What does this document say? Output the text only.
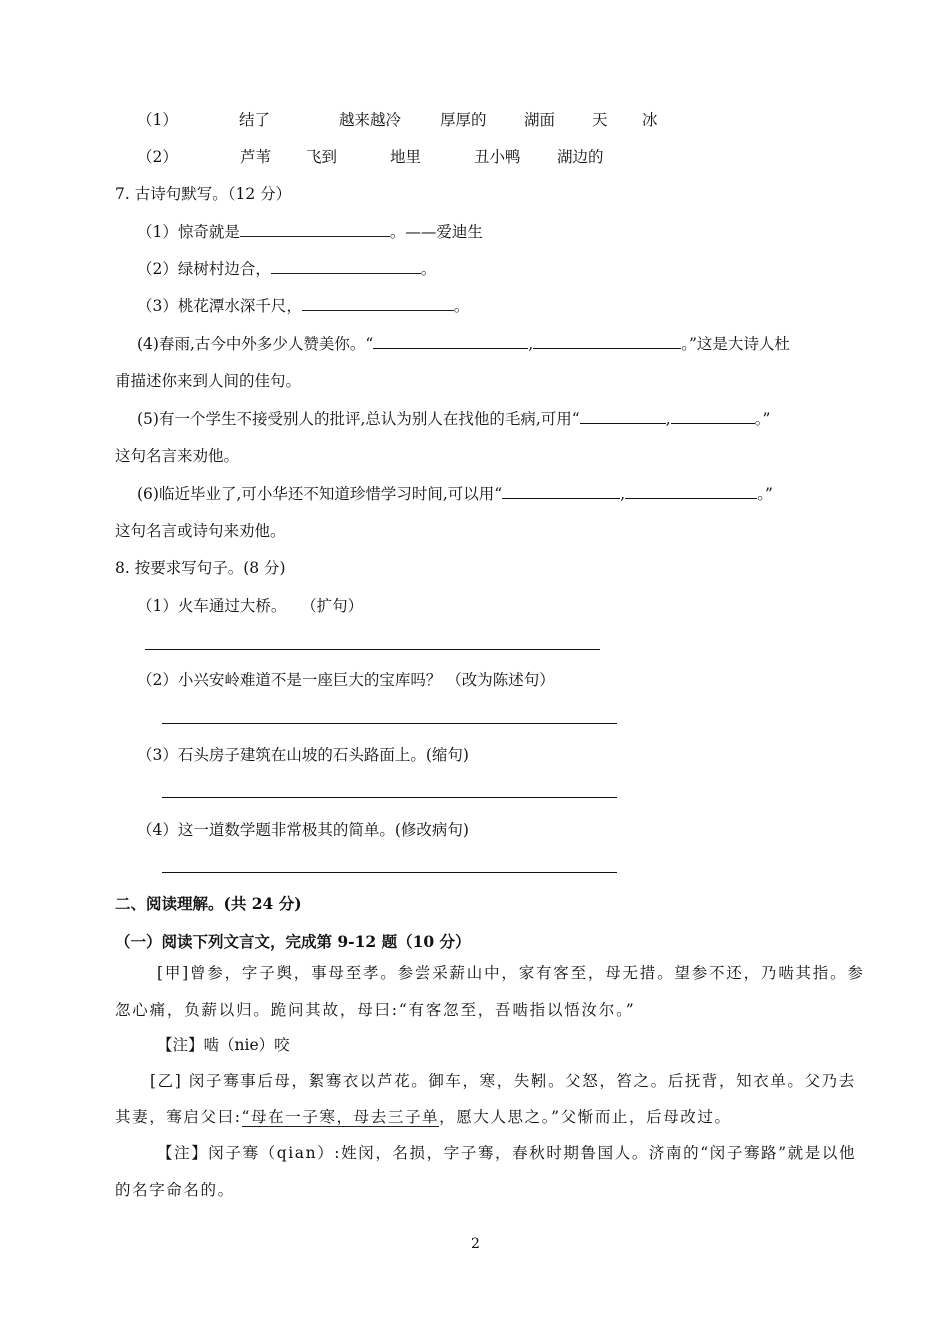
（1）	结了	越来越冷	厚厚的 湖面 天 冰
（2）	芦苇 飞到	地里	丑小鸭 湖边的
7. 古诗句默写。（12 分）
（1）惊奇就是	。——爱迪生
（2）绿树村边合，	。
（3）桃花潭水深千尺，	。
(4)春雨,古今中外多少人赞美你。“	,	。”这是大诗人杜
甫描述你来到人间的佳句。
(5)有一个学生不接受别人的批评,总认为别人在找他的毛病,可用“	,	。”
这句名言来劝他。
(6)临近毕业了,可小华还不知道珍惜学习时间,可以用“	,	。”
这句名言或诗句来劝他。
8. 按要求写句子。(8 分)
（1）火车通过大桥。   （扩句）
（2）小兴安岭难道不是一座巨大的宝库吗？ （改为陈述句）
（3）石头房子建筑在山坡的石头路面上。(缩句)
（4）这一道数学题非常极其的简单。(修改病句)
二、阅读理解。(共 24 分)
（一）阅读下列文言文，完成第 9-12 题（10 分）
[甲]曾参，字子舆，事母至孝。参尝采薪山中，家有客至，母无措。望参不还，乃啮其指。参
忽心痛，负薪以归。跪问其故，母曰:“有客忽至，吾啮指以悟汝尔。”
【注】啮（nie）咬
[乙] 闵子骞事后母，絮骞衣以芦花。御车，寒，失靷。父怒，笞之。后抚背，知衣单。父乃去
其妻，骞启父曰:“母在一子寒，母去三子单，愿大人思之。”父惭而止，后母改过。
【注】闵子骞（qian）:姓闵，名损，字子骞，春秋时期鲁国人。济南的“闵子骞路”就是以他
的名字命名的。
2
